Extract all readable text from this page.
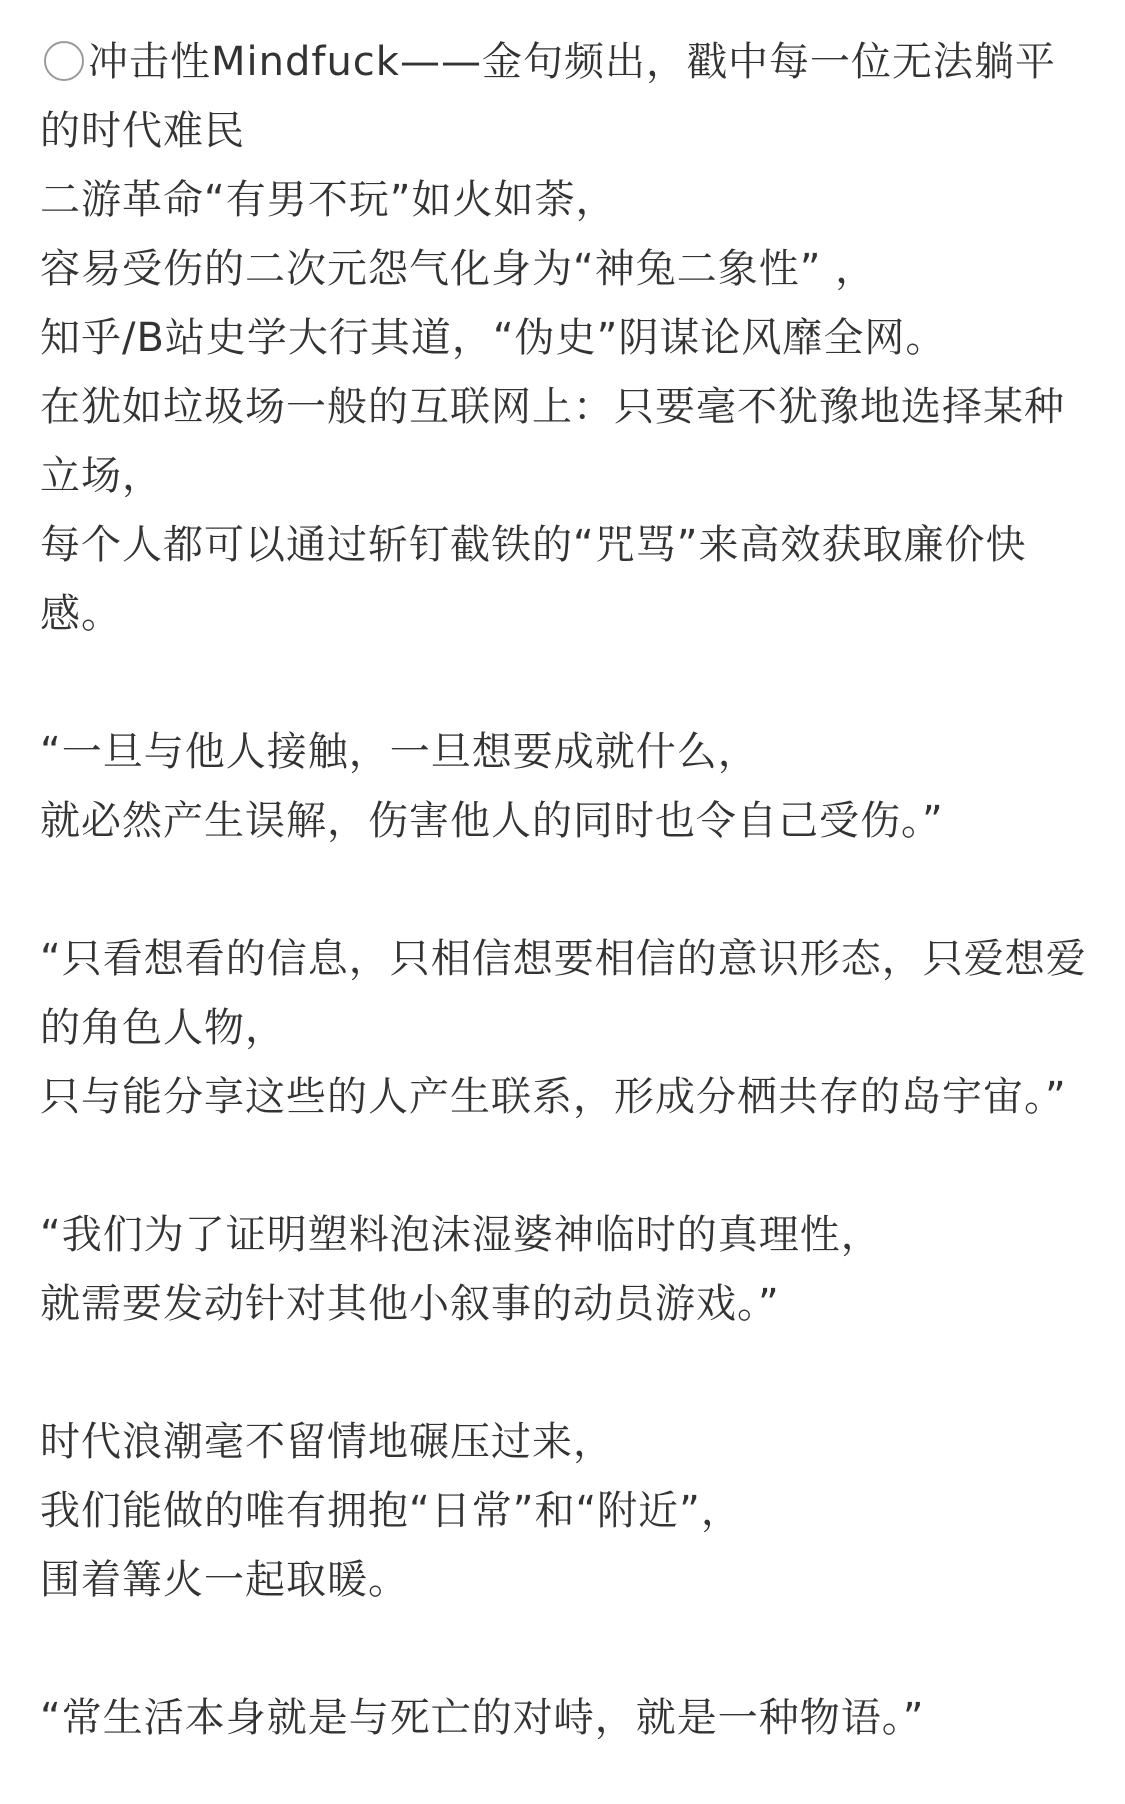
冲击性Mindfuck——金句频出，戳中每一位无法躺平的时代难民
二游革命“有男不玩”如火如荼，
容易受伤的二次元怨气化身为“神兔二象性” ，
知乎/B站史学大行其道，“伪史”阴谋论风靡全网。
在犹如垃圾场一般的互联网上：只要毫不犹豫地选择某种立场，
每个人都可以通过斩钉截铁的“咒骂”来高效获取廉价快感。
“一旦与他人接触，一旦想要成就什么，
就必然产生误解，伤害他人的同时也令自己受伤。”
“只看想看的信息，只相信想要相信的意识形态，只爱想爱的角色人物，
只与能分享这些的人产生联系，形成分栖共存的岛宇宙。”
“我们为了证明塑料泡沫湿婆神临时的真理性，
就需要发动针对其他小叙事的动员游戏。”
时代浪潮毫不留情地碾压过来，
我们能做的唯有拥抱“日常”和“附近”，
围着篝火一起取暖。
“常生活本身就是与死亡的对峙，就是一种物语。”
